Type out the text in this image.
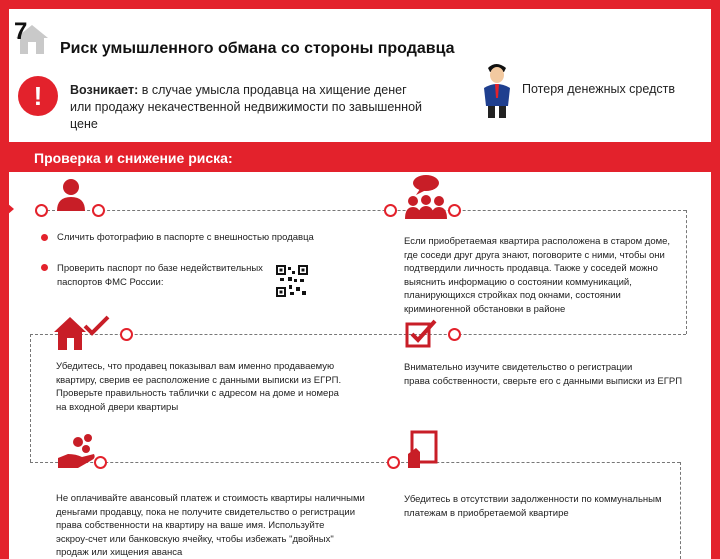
7
Риск умышленного обмана со стороны продавца
!	Возникает: в случае умысла продавца на хищение денег
или продажу некачественной недвижимости по завышенной цене
Потеря денежных средств
Проверка и снижение риска:
Сличить фотографию в паспорте с внешностью продавца
Проверить паспорт по базе недействительных
паспортов ФМС России:
Если приобретаемая квартира расположена в старом доме,
где соседи друг друга знают, поговорите с ними, чтобы они
подтвердили личность продавца. Также у соседей можно
выяснить информацию о состоянии коммуникаций,
планирующихся стройках под окнами, состоянии
криминогенной обстановки в районе
Убедитесь, что продавец показывал вам именно продаваемую
квартиру, сверив ее расположение с данными выписки из ЕГРП.
Проверьте правильность таблички с адресом на доме и номера
на входной двери квартиры
Внимательно изучите свидетельство о регистрации
права собственности, сверьте его с данными выписки из ЕГРП
Не оплачивайте авансовый платеж и стоимость квартиры наличными
деньгами продавцу, пока не получите свидетельство о регистрации
права собственности на квартиру на ваше имя. Используйте
эскроу-счет или банковскую ячейку, чтобы избежать "двойных"
продаж или хищения аванса
Убедитесь в отсутствии задолженности по коммунальным
платежам в приобретаемой квартире
